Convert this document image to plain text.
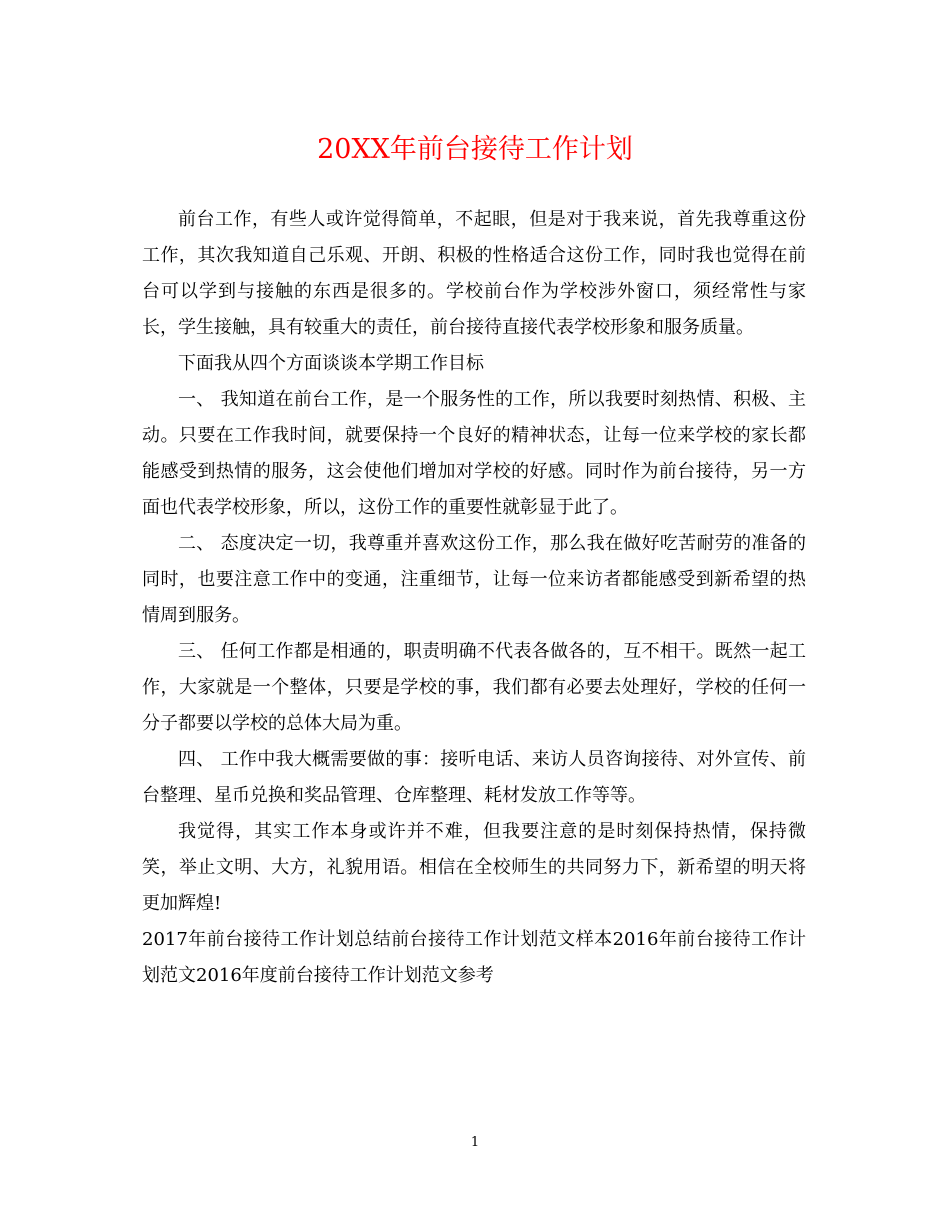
20XX年前台接待工作计划

前台工作，有些人或许觉得简单，不起眼，但是对于我来说，首先我尊重这份工作，其次我知道自己乐观、开朗、积极的性格适合这份工作，同时我也觉得在前台可以学到与接触的东西是很多的。学校前台作为学校涉外窗口，须经常性与家长，学生接触，具有较重大的责任，前台接待直接代表学校形象和服务质量。

下面我从四个方面谈谈本学期工作目标

一、 我知道在前台工作，是一个服务性的工作，所以我要时刻热情、积极、主动。只要在工作我时间，就要保持一个良好的精神状态，让每一位来学校的家长都能感受到热情的服务，这会使他们增加对学校的好感。同时作为前台接待，另一方面也代表学校形象，所以，这份工作的重要性就彰显于此了。

二、 态度决定一切，我尊重并喜欢这份工作，那么我在做好吃苦耐劳的准备的同时，也要注意工作中的变通，注重细节，让每一位来访者都能感受到新希望的热情周到服务。

三、 任何工作都是相通的，职责明确不代表各做各的，互不相干。既然一起工作，大家就是一个整体，只要是学校的事，我们都有必要去处理好，学校的任何一分子都要以学校的总体大局为重。

四、 工作中我大概需要做的事：接听电话、来访人员咨询接待、对外宣传、前台整理、星币兑换和奖品管理、仓库整理、耗材发放工作等等。

我觉得，其实工作本身或许并不难，但我要注意的是时刻保持热情，保持微笑，举止文明、大方，礼貌用语。相信在全校师生的共同努力下，新希望的明天将更加辉煌!

2017年前台接待工作计划总结前台接待工作计划范文样本2016年前台接待工作计划范文2016年度前台接待工作计划范文参考

1
